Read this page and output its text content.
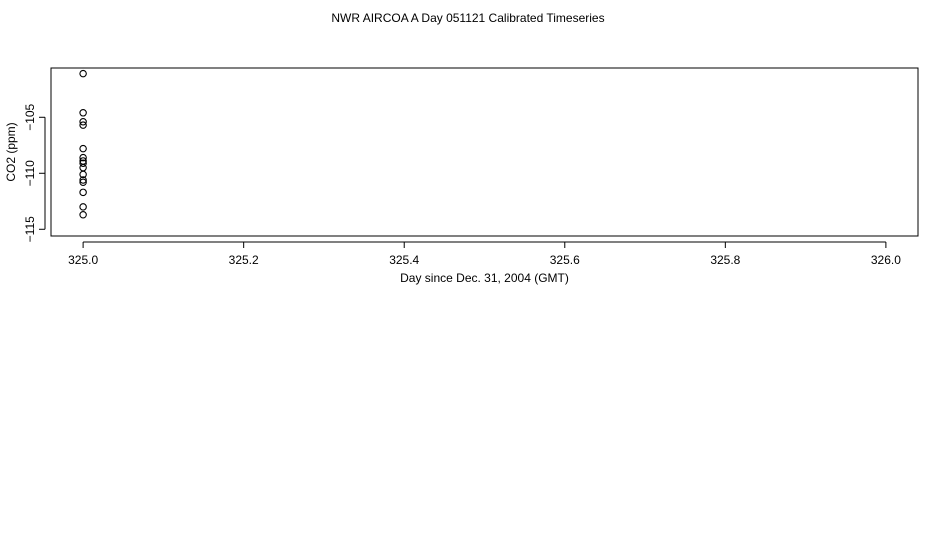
NWR AIRCOA A Day 051121 Calibrated Timeseries
325.0	325.2	325.4	325.6	325.8	326.0
−105
−110
−115
Day since Dec. 31, 2004 (GMT)
CO2 (ppm)
